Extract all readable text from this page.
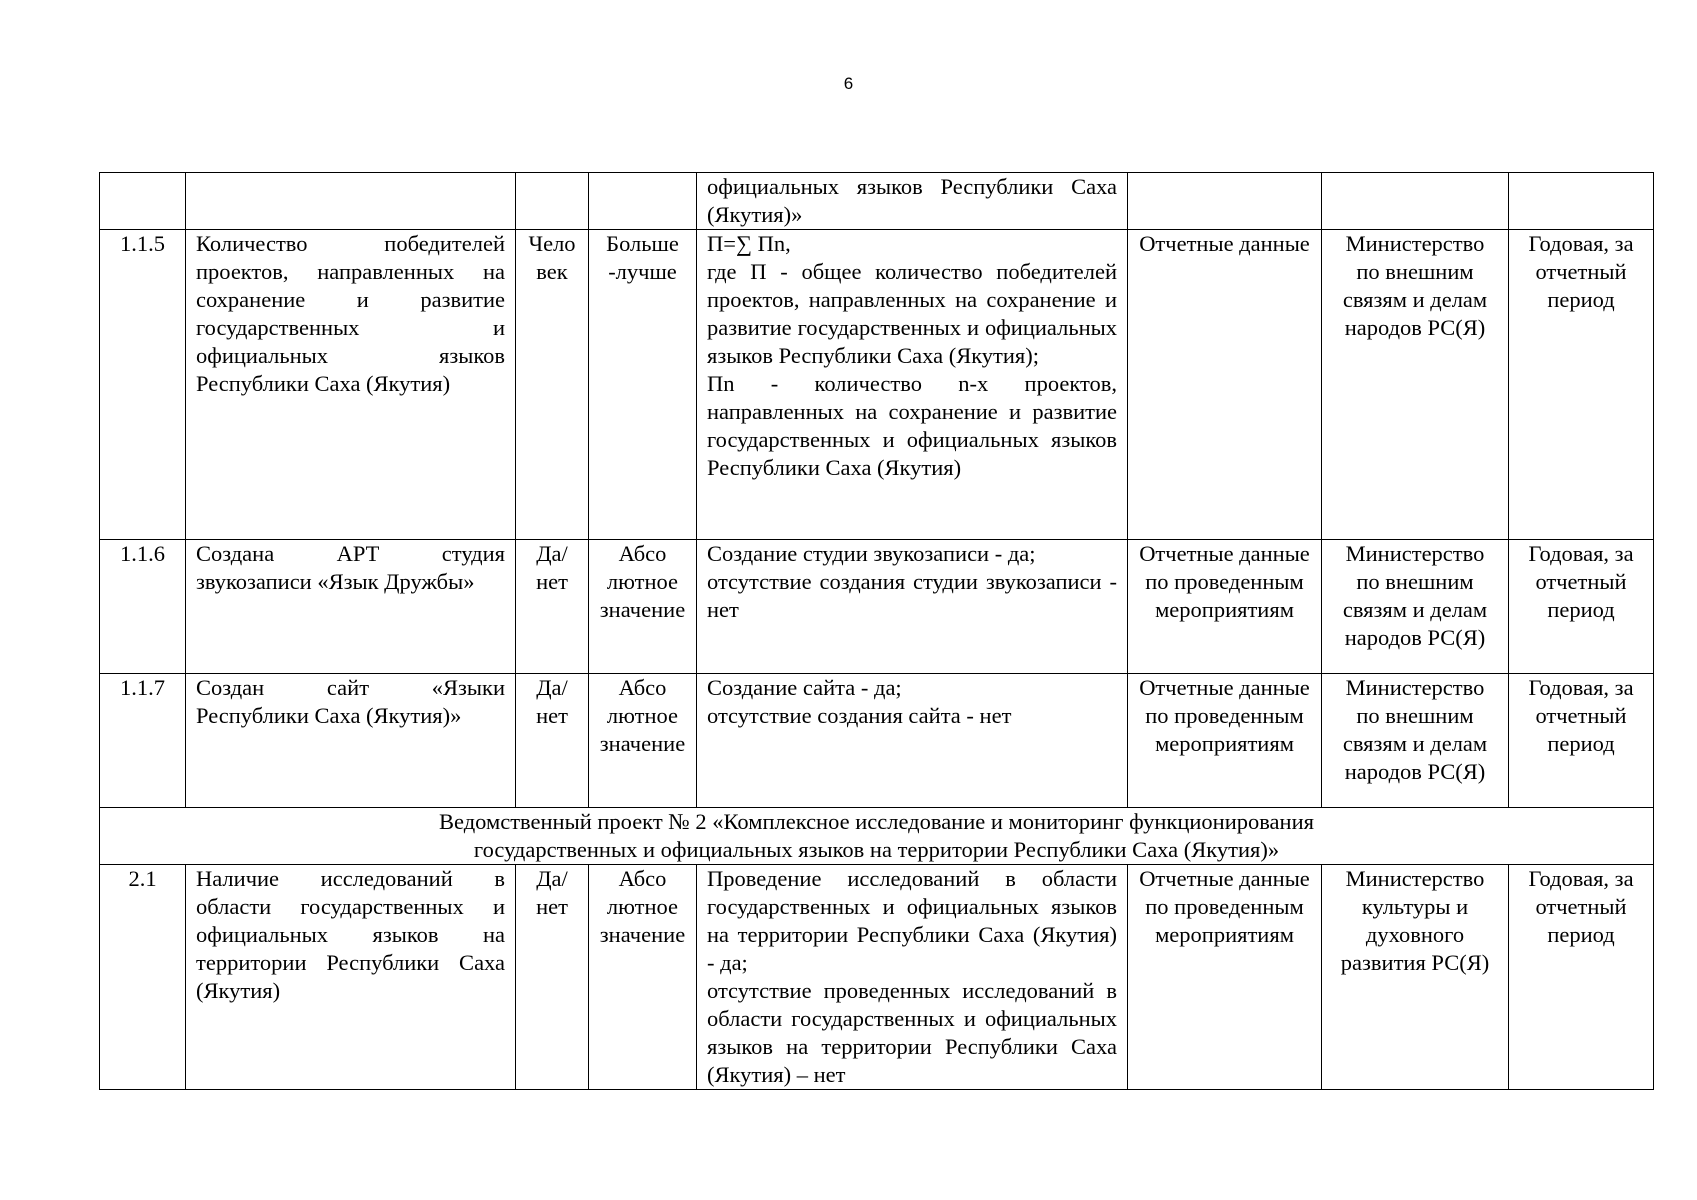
6
				официальных языков Республики Саха (Якутия)»			
1.1.5	Количество победителей проектов, направленных на сохранение и развитие государственных и официальных языков Республики Саха (Якутия)	Чело век	Больше -лучше	П=∑ Пn,
где П - общее количество победителей проектов, направленных на сохранение и развитие государственных и официальных языков Республики Саха (Якутия);
Пn - количество n-х проектов, направленных на сохранение и развитие государственных и официальных языков Республики Саха (Якутия)	Отчетные данные	Министерство по внешним связям и делам народов РС(Я)	Годовая, за отчетный период
1.1.6	Создана АРТ студия звукозаписи «Язык Дружбы»	Да/нет	Абсо лютное значение	Создание студии звукозаписи - да;
отсутствие создания студии звукозаписи - нет	Отчетные данные по проведенным мероприятиям	Министерство по внешним связям и делам народов РС(Я)	Годовая, за отчетный период
1.1.7	Создан сайт «Языки Республики Саха (Якутия)»	Да/нет	Абсо лютное значение	Создание сайта - да;
отсутствие создания сайта - нет	Отчетные данные по проведенным мероприятиям	Министерство по внешним связям и делам народов РС(Я)	Годовая, за отчетный период

Ведомственный проект № 2 «Комплексное исследование и мониторинг функционирования
государственных и официальных языков на территории Республики Саха (Якутия)»							

2.1	Наличие исследований в области государственных и официальных языков на территории Республики Саха (Якутия)	Да/нет	Абсо лютное значение	Проведение исследований в области государственных и официальных языков на территории Республики Саха (Якутия) - да;
отсутствие проведенных исследований в области государственных и официальных языков на территории Республики Саха (Якутия) – нет	Отчетные данные по проведенным мероприятиям	Министерство культуры и духовного развития РС(Я)	Годовая, за отчетный период
